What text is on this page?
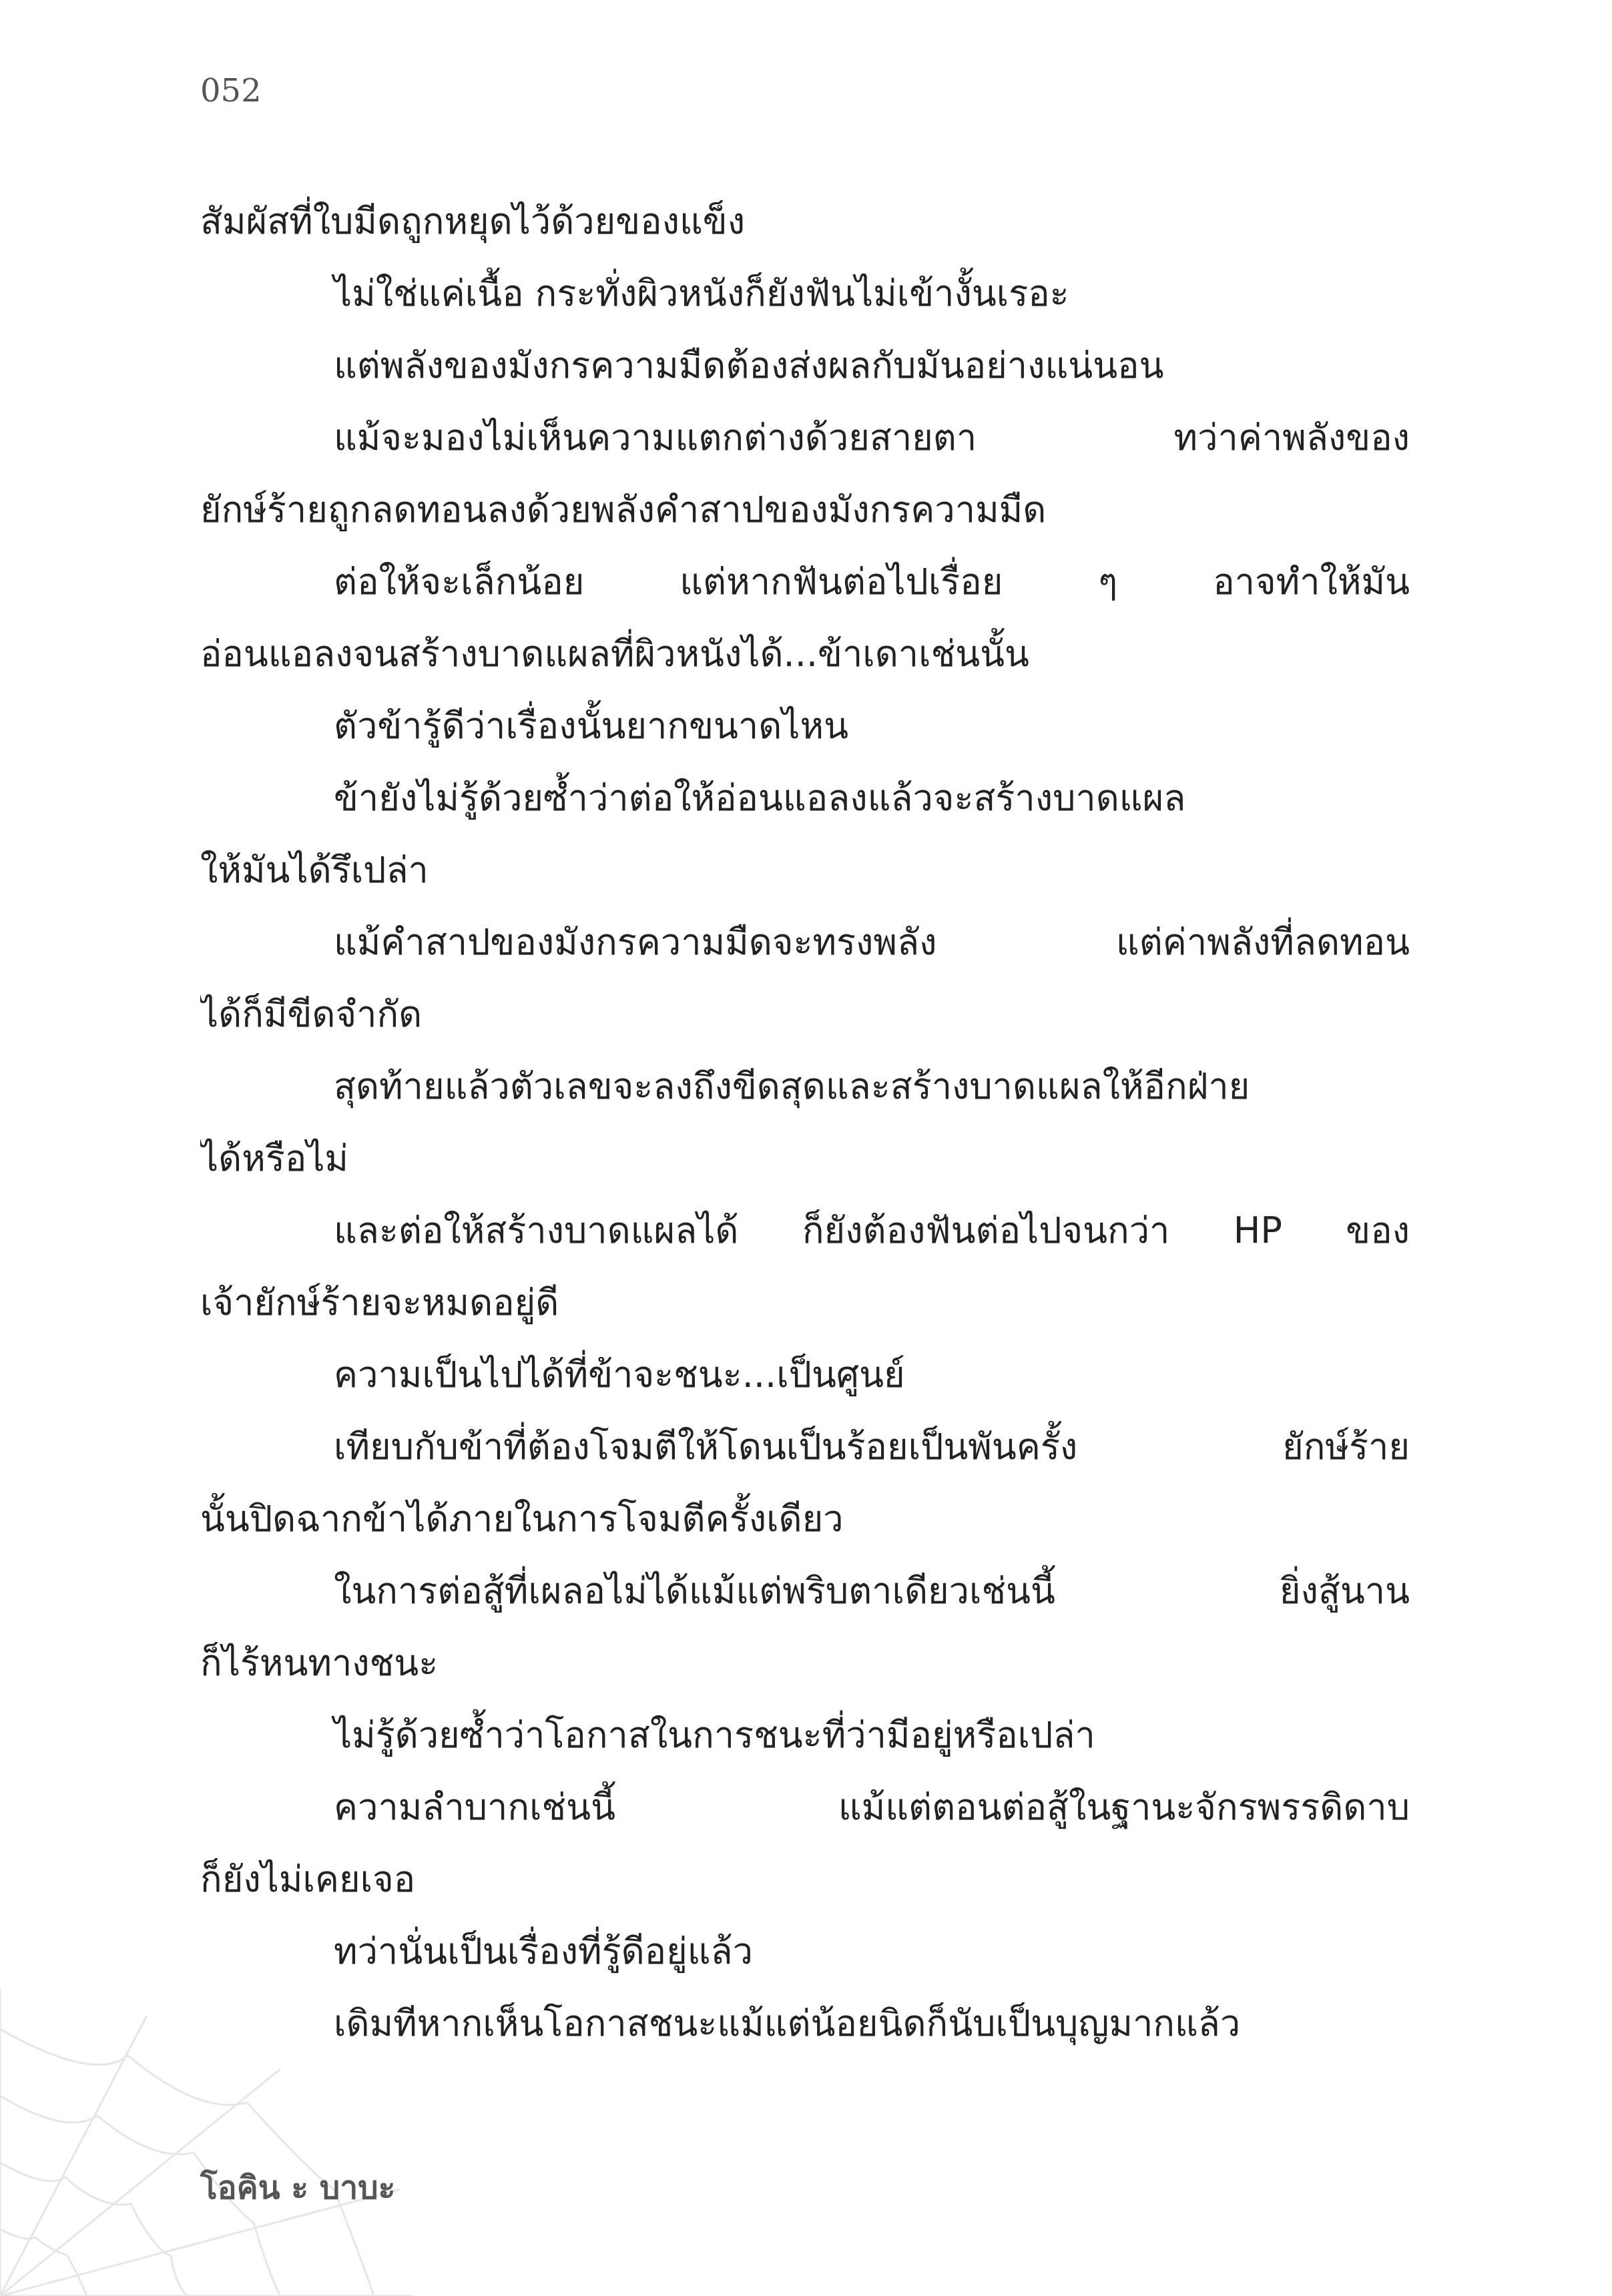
052
สัมผัสที่ใบมีดถูกหยุดไว้ด้วยของแข็ง
ไม่ใช่แค่เนื้อ กระทั่งผิวหนังก็ยังฟันไม่เข้างั้นเรอะ
แต่พลังของมังกรความมืดต้องส่งผลกับมันอย่างแน่นอน
แม้จะมองไม่เห็นความแตกต่างด้วยสายตา ทว่าค่าพลังของ
ยักษ์ร้ายถูกลดทอนลงด้วยพลังคำสาปของมังกรความมืด
ต่อให้จะเล็กน้อย แต่หากฟันต่อไปเรื่อย ๆ อาจทำให้มัน
อ่อนแอลงจนสร้างบาดแผลที่ผิวหนังได้...ข้าเดาเช่นนั้น
ตัวข้ารู้ดีว่าเรื่องนั้นยากขนาดไหน
ข้ายังไม่รู้ด้วยซ้ำว่าต่อให้อ่อนแอลงแล้วจะสร้างบาดแผล
ให้มันได้รึเปล่า
แม้คำสาปของมังกรความมืดจะทรงพลัง แต่ค่าพลังที่ลดทอน
ได้ก็มีขีดจำกัด
สุดท้ายแล้วตัวเลขจะลงถึงขีดสุดและสร้างบาดแผลให้อีกฝ่าย
ได้หรือไม่
และต่อให้สร้างบาดแผลได้ ก็ยังต้องฟันต่อไปจนกว่า HP ของ
เจ้ายักษ์ร้ายจะหมดอยู่ดี
ความเป็นไปได้ที่ข้าจะชนะ...เป็นศูนย์
เทียบกับข้าที่ต้องโจมตีให้โดนเป็นร้อยเป็นพันครั้ง ยักษ์ร้าย
นั้นปิดฉากข้าได้ภายในการโจมตีครั้งเดียว
ในการต่อสู้ที่เผลอไม่ได้แม้แต่พริบตาเดียวเช่นนี้ ยิ่งสู้นาน
ก็ไร้หนทางชนะ
ไม่รู้ด้วยซ้ำว่าโอกาสในการชนะที่ว่ามีอยู่หรือเปล่า
ความลำบากเช่นนี้ แม้แต่ตอนต่อสู้ในฐานะจักรพรรดิดาบ
ก็ยังไม่เคยเจอ
ทว่านั่นเป็นเรื่องที่รู้ดีอยู่แล้ว
เดิมทีหากเห็นโอกาสชนะแม้แต่น้อยนิดก็นับเป็นบุญมากแล้ว
โอคิน ะ บาบะ
